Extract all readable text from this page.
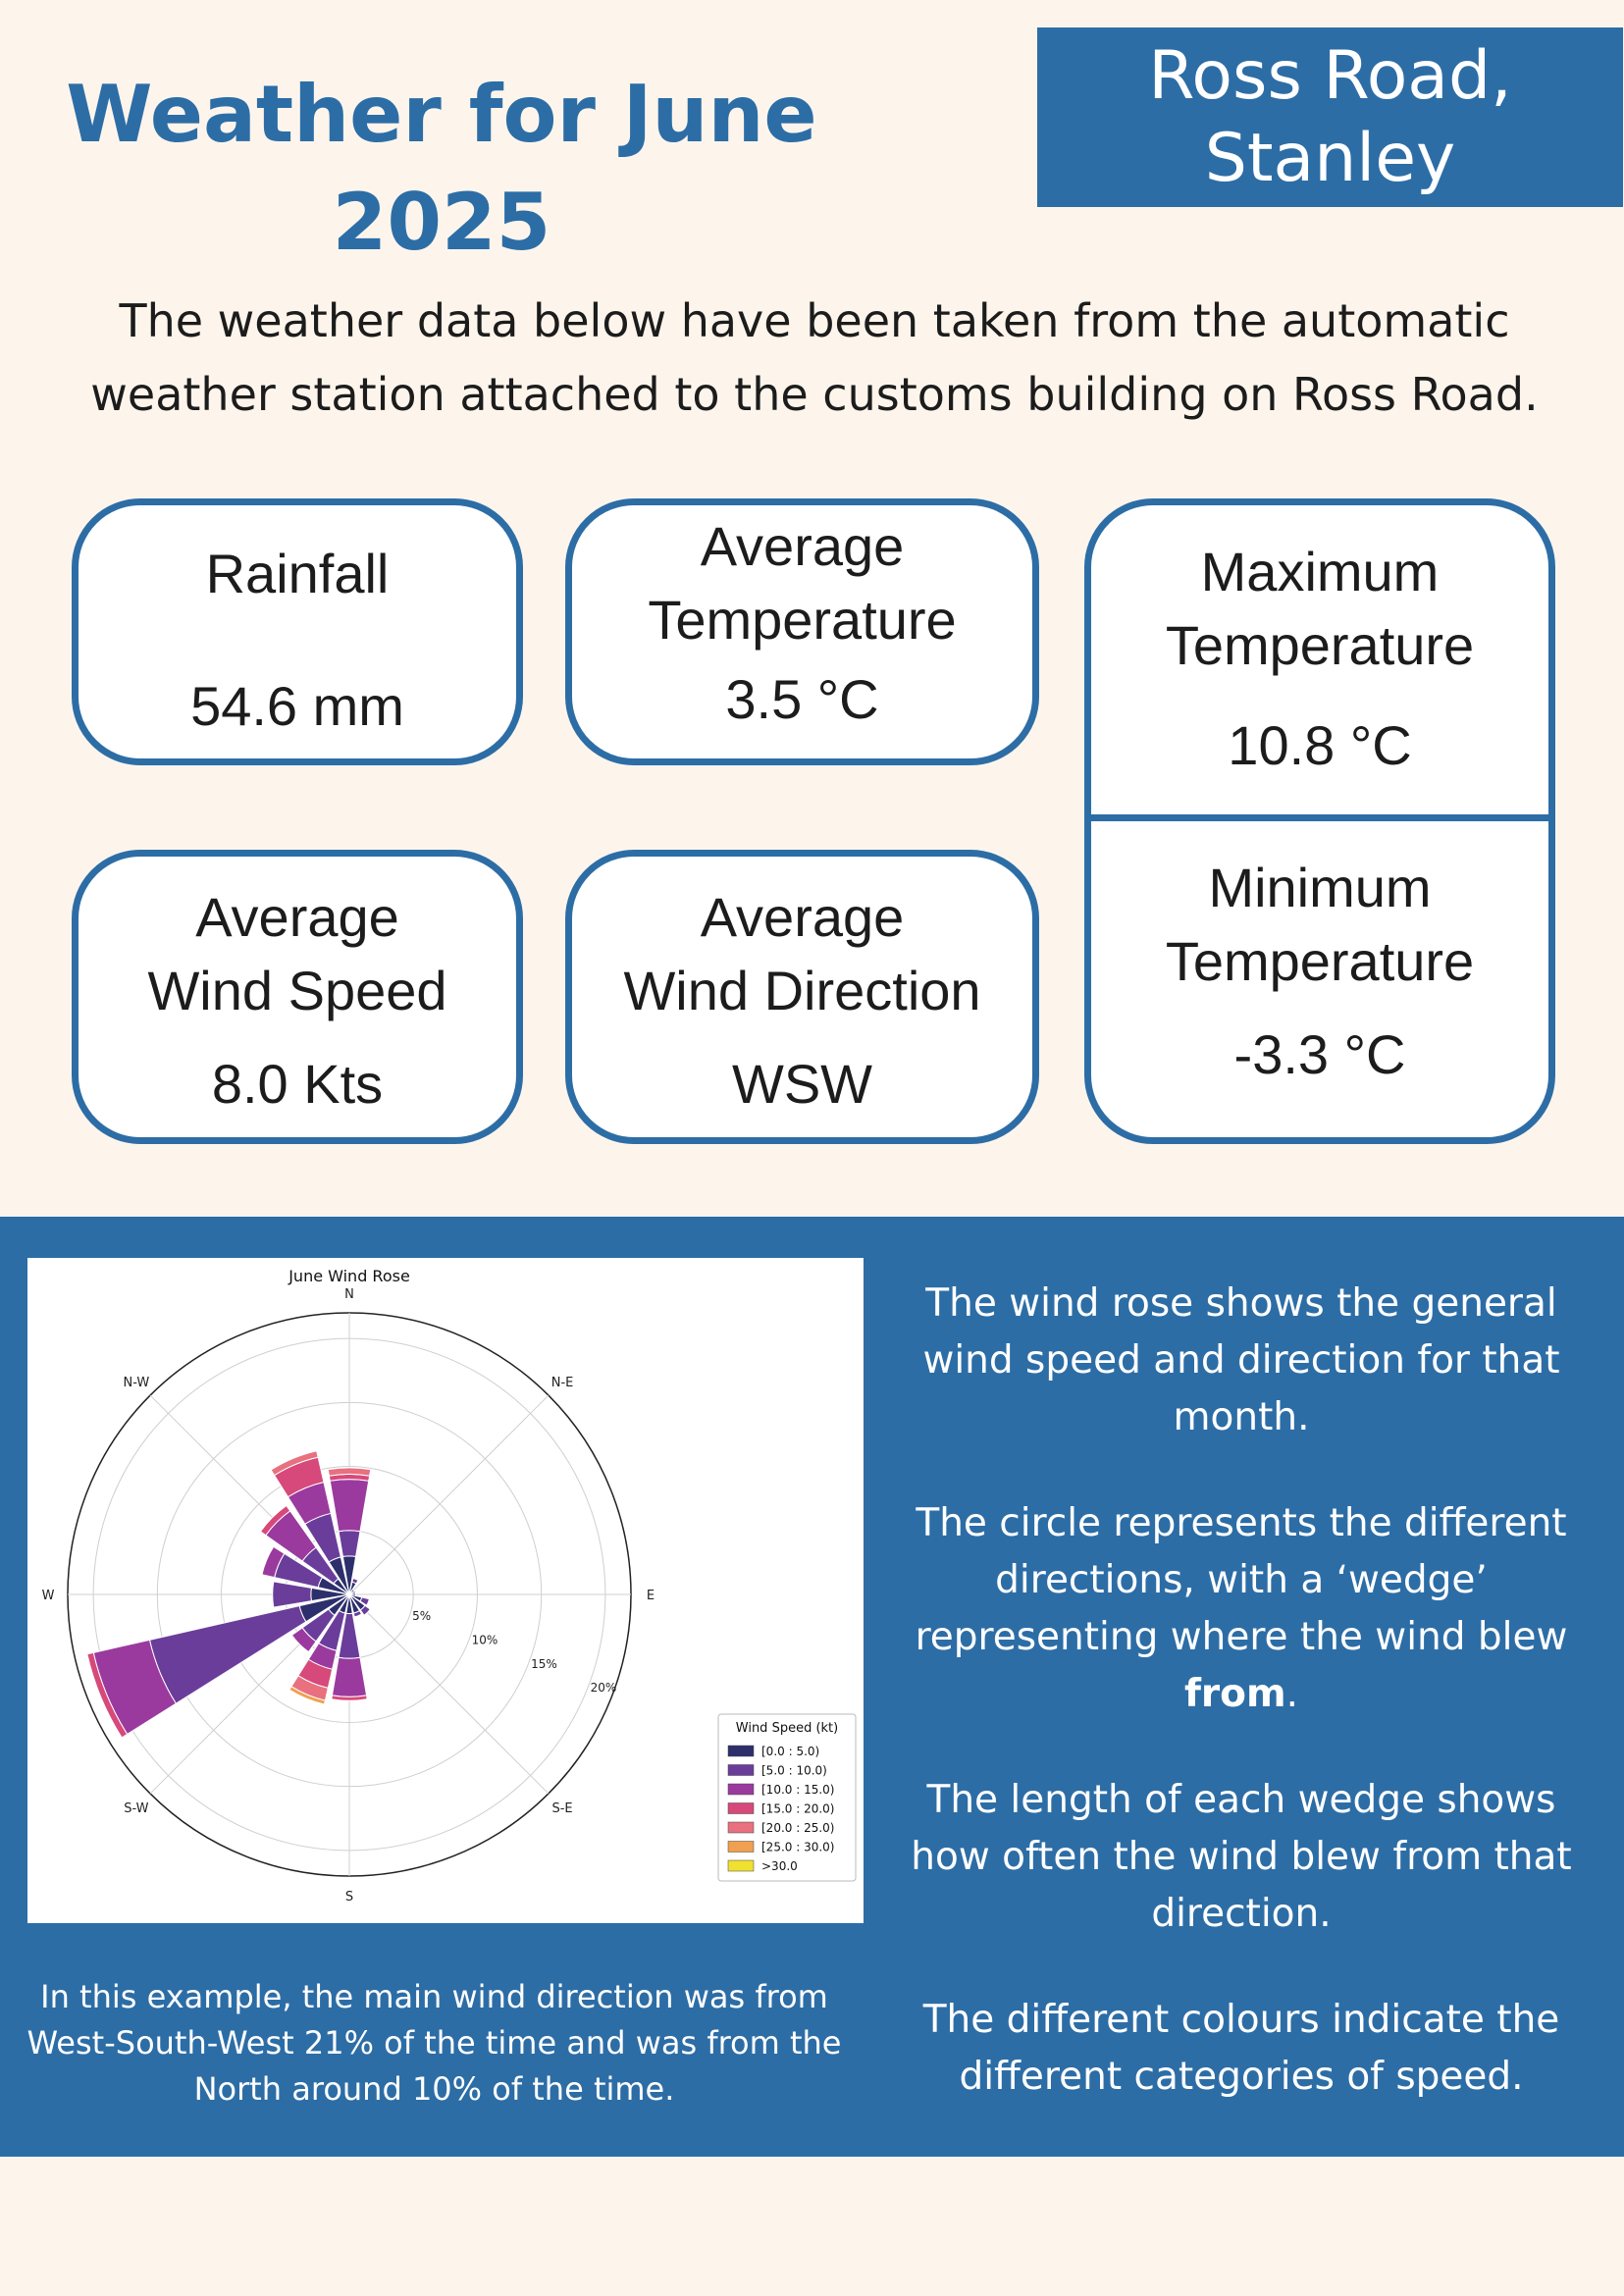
Weather for June 2025
Ross Road,
Stanley

The weather data below have been taken from the automatic weather station attached to the customs building on Ross Road.

Rainfall
54.6 mm
Average
Temperature
3.5 °C
Maximum
Temperature
10.8 °C
Minimum
Temperature
-3.3 °C
Average
Wind Speed
8.0 Kts
Average
Wind Direction
WSW
June Wind Rose
5%
10%
15%
20%
N
N-E
E
S-E
S
S-W
W
N-W
Wind Speed (kt)
[0.0 : 5.0)
[5.0 : 10.0)
[10.0 : 15.0)
[15.0 : 20.0)
[20.0 : 25.0)
[25.0 : 30.0)
>30.0

In this example, the main wind direction was from West-South-West 21% of the time and was from the North around 10% of the time.

The wind rose shows the general wind speed and direction for that month.

The circle represents the different directions, with a ‘wedge’ representing where the wind blew from.

The length of each wedge shows how often the wind blew from that direction.

The different colours indicate the different categories of speed.
